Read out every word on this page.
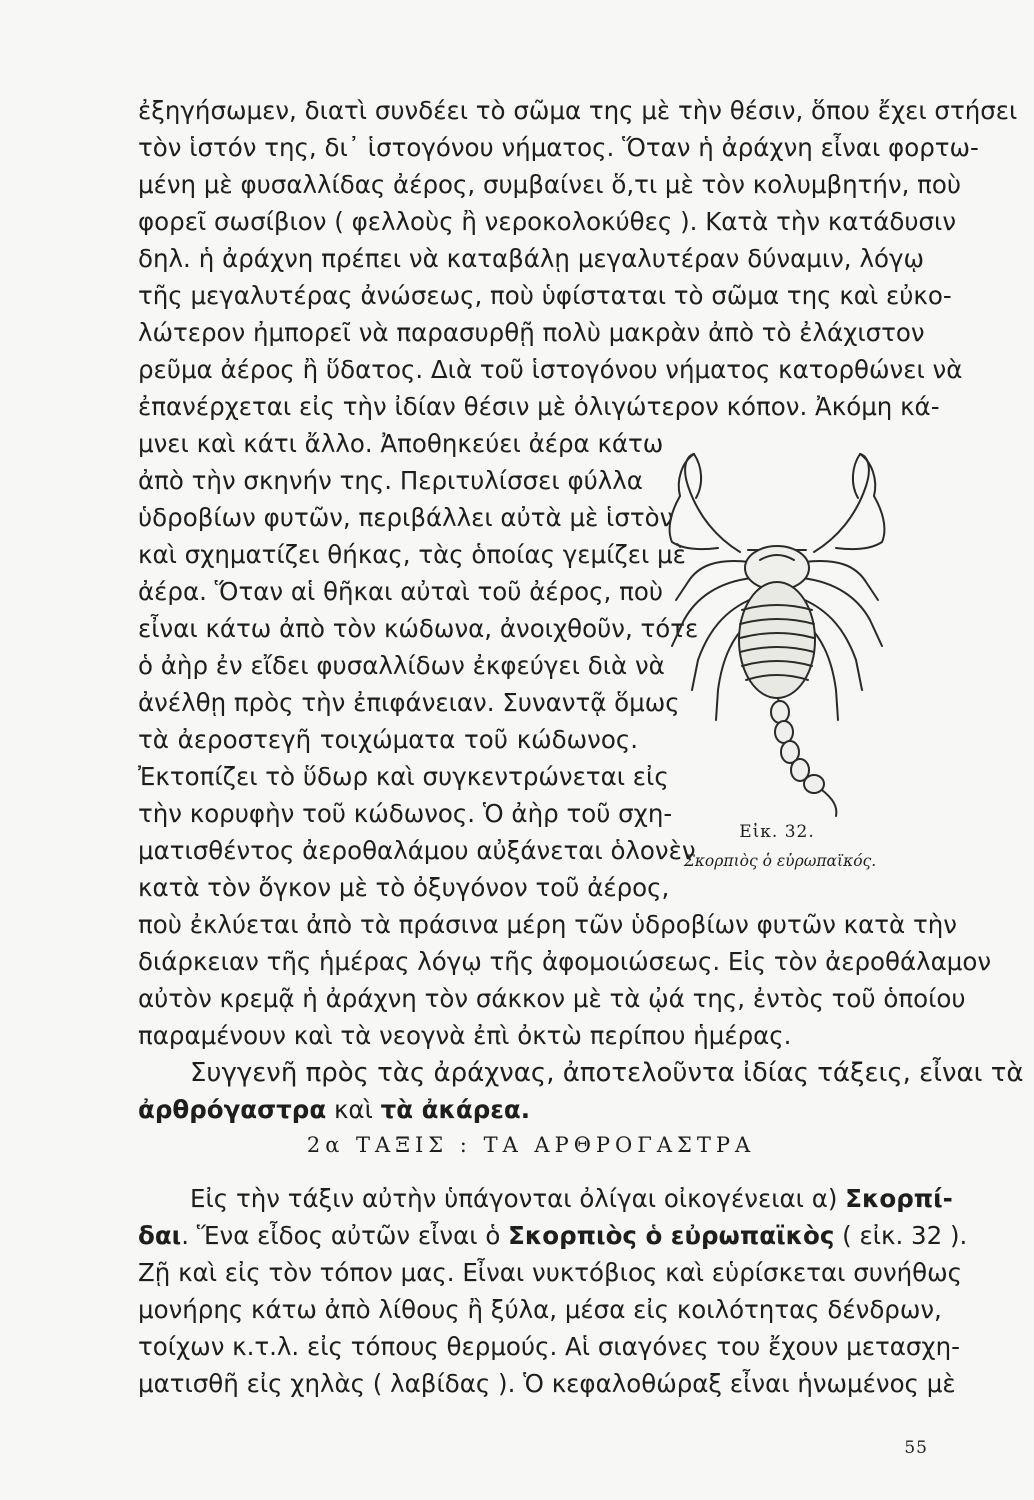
ἐξηγήσωμεν, διατὶ συνδέει τὸ σῶμα της μὲ τὴν θέσιν, ὅπου ἔχει στήσει
τὸν ἱστόν της, δι᾽ ἱστογόνου νήματος. Ὅταν ἡ ἀράχνη εἶναι φορτω-
μένη μὲ φυσαλλίδας ἀέρος, συμβαίνει ὅ,τι μὲ τὸν κολυμβητήν, ποὺ
φορεῖ σωσίβιον ( φελλοὺς ἢ νεροκολοκύθες ). Κατὰ τὴν κατάδυσιν
δηλ. ἡ ἀράχνη πρέπει νὰ καταβάλῃ μεγαλυτέραν δύναμιν, λόγῳ
τῆς μεγαλυτέρας ἀνώσεως, ποὺ ὑφίσταται τὸ σῶμα της καὶ εὐκο-
λώτερον ἠμπορεῖ νὰ παρασυρθῇ πολὺ μακρὰν ἀπὸ τὸ ἐλάχιστον
ρεῦμα ἀέρος ἢ ὕδατος. Διὰ τοῦ ἱστογόνου νήματος κατορθώνει νὰ
ἐπανέρχεται εἰς τὴν ἰδίαν θέσιν μὲ ὀλιγώτερον κόπον. Ἀκόμη κά-
μνει καὶ κάτι ἄλλο. Ἀποθηκεύει ἀέρα κάτω
ἀπὸ τὴν σκηνήν της. Περιτυλίσσει φύλλα
ὑδροβίων φυτῶν, περιβάλλει αὐτὰ μὲ ἱστὸν
καὶ σχηματίζει θήκας, τὰς ὁποίας γεμίζει μὲ
ἀέρα. Ὅταν αἱ θῆκαι αὐταὶ τοῦ ἀέρος, ποὺ
εἶναι κάτω ἀπὸ τὸν κώδωνα, ἀνοιχθοῦν, τότε
ὁ ἀὴρ ἐν εἴδει φυσαλλίδων ἐκφεύγει διὰ νὰ
ἀνέλθῃ πρὸς τὴν ἐπιφάνειαν. Συναντᾷ ὅμως
τὰ ἀεροστεγῆ τοιχώματα τοῦ κώδωνος.
Ἐκτοπίζει τὸ ὕδωρ καὶ συγκεντρώνεται εἰς
τὴν κορυφὴν τοῦ κώδωνος. Ὁ ἀὴρ τοῦ σχη-
ματισθέντος ἀεροθαλάμου αὐξάνεται ὁλονὲν
κατὰ τὸν ὄγκον μὲ τὸ ὀξυγόνον τοῦ ἀέρος,
ποὺ ἐκλύεται ἀπὸ τὰ πράσινα μέρη τῶν ὑδροβίων φυτῶν κατὰ τὴν
διάρκειαν τῆς ἡμέρας λόγῳ τῆς ἀφομοιώσεως. Εἰς τὸν ἀεροθάλαμον
αὐτὸν κρεμᾷ ἡ ἀράχνη τὸν σάκκον μὲ τὰ ᾠά της, ἐντὸς τοῦ ὁποίου
παραμένουν καὶ τὰ νεογνὰ ἐπὶ ὀκτὼ περίπου ἡμέρας.
Συγγενῆ πρὸς τὰς ἀράχνας, ἀποτελοῦντα ἰδίας τάξεις, εἶναι τὰ
ἀρθρόγαστρα καὶ τὰ ἀκάρεα.
2α ΤΑΞΙΣ : ΤΑ ΑΡΘΡΟΓΑΣΤΡΑ
Εἰς τὴν τάξιν αὐτὴν ὑπάγονται ὀλίγαι οἰκογένειαι α) Σκορπί-
δαι. Ἕνα εἶδος αὐτῶν εἶναι ὁ Σκορπιὸς ὁ εὐρωπαϊκὸς ( εἰκ. 32 ).
Ζῇ καὶ εἰς τὸν τόπον μας. Εἶναι νυκτόβιος καὶ εὑρίσκεται συνήθως
μονήρης κάτω ἀπὸ λίθους ἢ ξύλα, μέσα εἰς κοιλότητας δένδρων,
τοίχων κ.τ.λ. εἰς τόπους θερμούς. Αἱ σιαγόνες του ἔχουν μετασχη-
ματισθῆ εἰς χηλὰς ( λαβίδας ). Ὁ κεφαλοθώραξ εἶναι ἡνωμένος μὲ
Εἰκ. 32.
Σκορπιὸς ὁ εὐρωπαϊκός.
55
